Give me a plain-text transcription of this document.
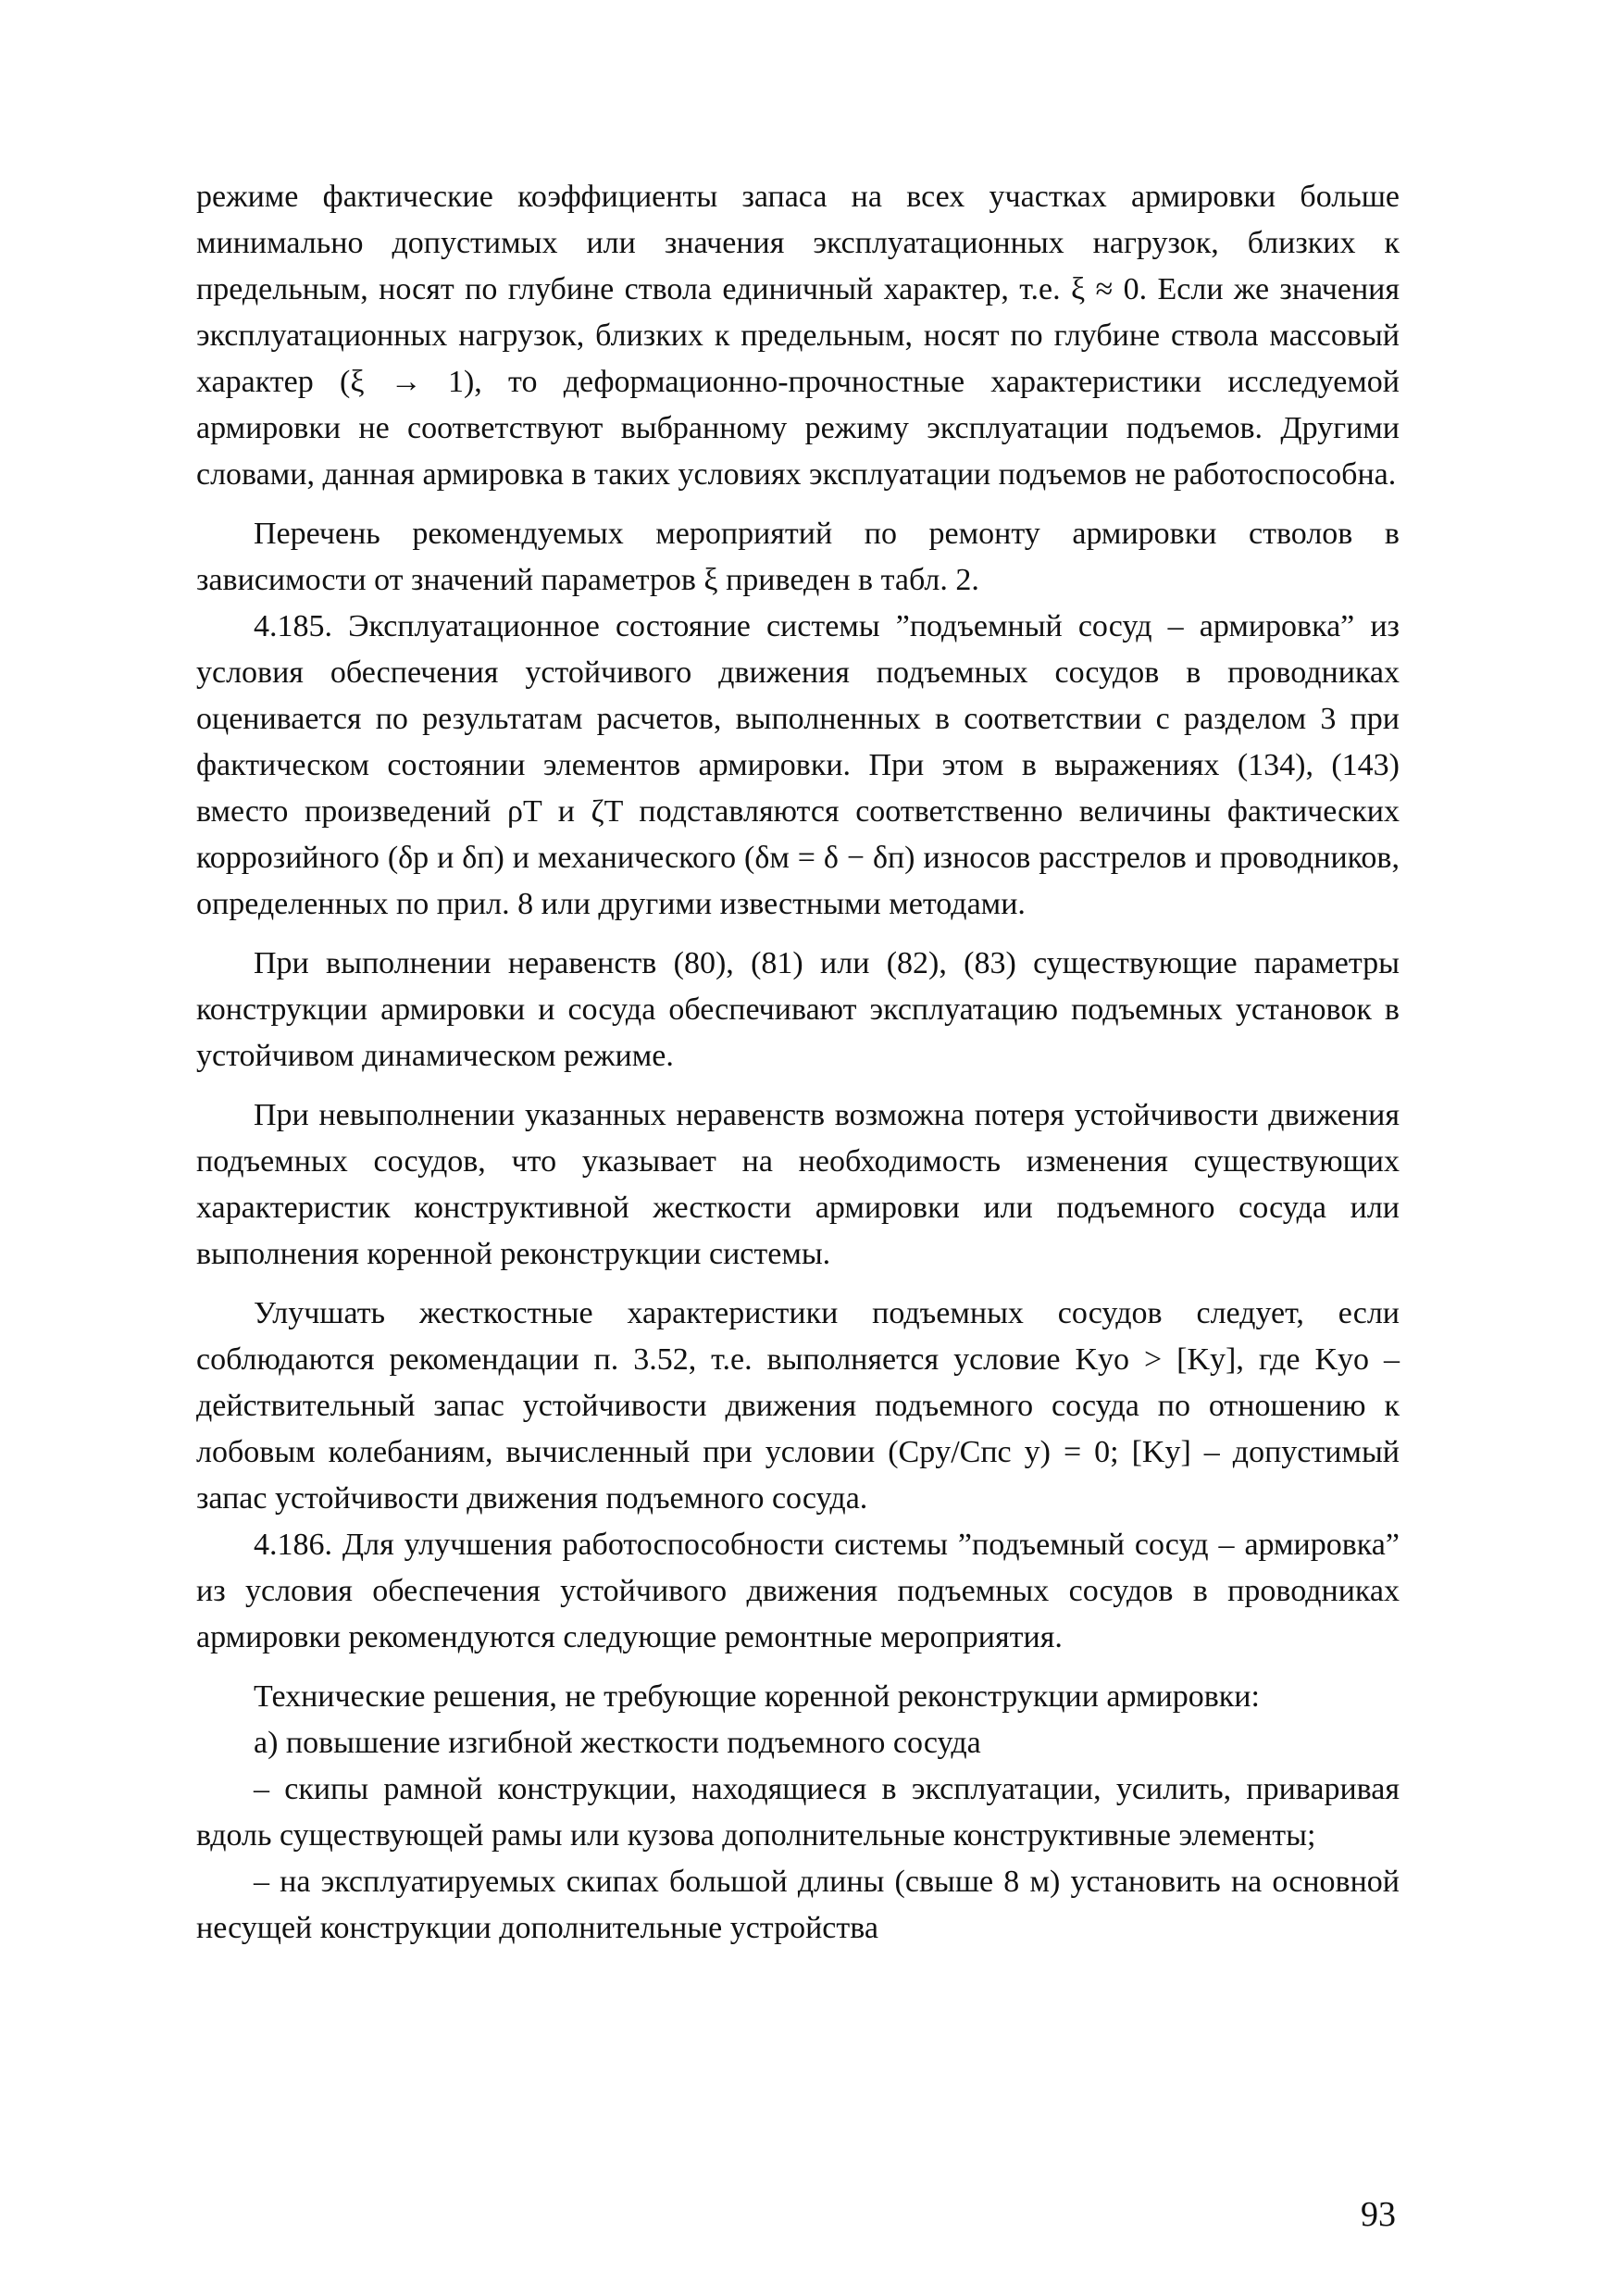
режиме фактические коэффициенты запаса на всех участках армировки больше минимально допустимых или значения эксплуатационных нагрузок, близких к предельным, носят по глубине ствола единичный характер, т.е. ξ ≈ 0. Если же значения эксплуатационных нагрузок, близких к предельным, носят по глубине ствола массовый характер (ξ → 1), то деформационно-прочностные характеристики исследуемой армировки не соответствуют выбранному режиму эксплуатации подъемов. Другими словами, данная армировка в таких условиях эксплуатации подъемов не работоспособна.

Перечень рекомендуемых мероприятий по ремонту армировки стволов в зависимости от значений параметров ξ приведен в табл. 2.

4.185. Эксплуатационное состояние системы ”подъемный сосуд – армировка” из условия обеспечения устойчивого движения подъемных сосудов в проводниках оценивается по результатам расчетов, выполненных в соответствии с разделом 3 при фактическом состоянии элементов армировки. При этом в выражениях (134), (143) вместо произведений ρT и ζT подставляются соответственно величины фактических коррозийного (δр и δп) и механического (δм = δ − δп) износов расстрелов и проводников, определенных по прил. 8 или другими известными методами.

При выполнении неравенств (80), (81) или (82), (83) существующие параметры конструкции армировки и сосуда обеспечивают эксплуатацию подъемных установок в устойчивом динамическом режиме.

При невыполнении указанных неравенств возможна потеря устойчивости движения подъемных сосудов, что указывает на необходимость изменения существующих характеристик конструктивной жесткости армировки или подъемного сосуда или выполнения коренной реконструкции системы.

Улучшать жесткостные характеристики подъемных сосудов следует, если соблюдаются рекомендации п. 3.52, т.е. выполняется условие Kyo > [Ky], где Kyo – действительный запас устойчивости движения подъемного сосуда по отношению к лобовым колебаниям, вычисленный при условии (Cpy/Cпс y) = 0; [Ky] – допустимый запас устойчивости движения подъемного сосуда.

4.186. Для улучшения работоспособности системы ”подъемный сосуд – армировка” из условия обеспечения устойчивого движения подъемных сосудов в проводниках армировки рекомендуются следующие ремонтные мероприятия.

Технические решения, не требующие коренной реконструкции армировки:

а) повышение изгибной жесткости подъемного сосуда

– скипы рамной конструкции, находящиеся в эксплуатации, усилить, приваривая вдоль существующей рамы или кузова дополнительные конструктивные элементы;

– на эксплуатируемых скипах большой длины (свыше 8 м) установить на основной несущей конструкции дополнительные устройства

93
